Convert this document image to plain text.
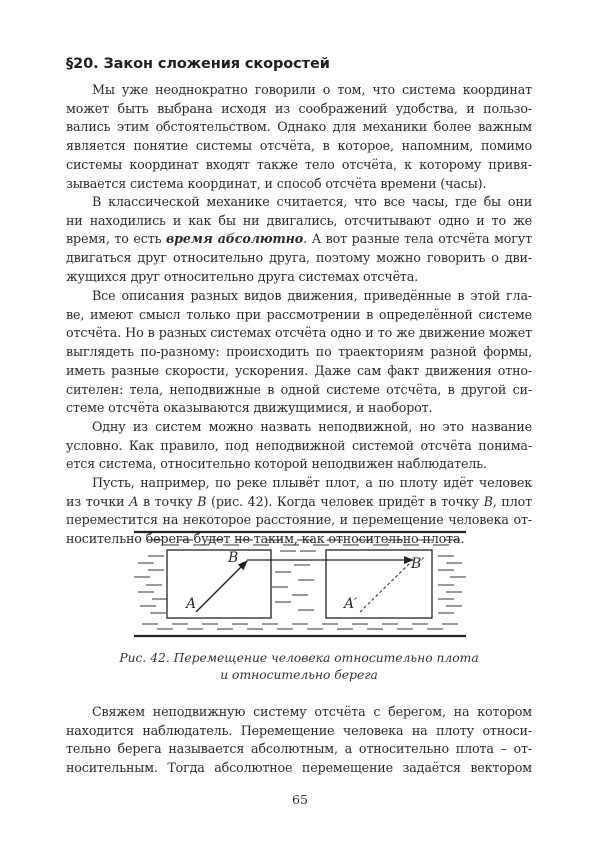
§20. Закон сложения скоростей
Мы уже неоднократно говорили о том, что система координат
может быть выбрана исходя из соображений удобства, и пользо-
вались этим обстоятельством. Однако для механики более важным
является понятие системы отсчёта, в которое, напомним, помимо
системы координат входят также тело отсчёта, к которому привя-
зывается система координат, и способ отсчёта времени (часы).
В классической механике считается, что все часы, где бы они
ни находились и как бы ни двигались, отсчитывают одно и то же
время, то есть время абсолютно. А вот разные тела отсчёта могут
двигаться друг относительно друга, поэтому можно говорить о дви-
жущихся друг относительно друга системах отсчёта.
Все описания разных видов движения, приведённые в этой гла-
ве, имеют смысл только при рассмотрении в определённой системе
отсчёта. Но в разных системах отсчёта одно и то же движение может
выглядеть по-разному: происходить по траекториям разной формы,
иметь разные скорости, ускорения. Даже сам факт движения отно-
сителен: тела, неподвижные в одной системе отсчёта, в другой си-
стеме отсчёта оказываются движущимися, и наоборот.
Одну из систем можно назвать неподвижной, но это название
условно. Как правило, под неподвижной системой отсчёта понима-
ется система, относительно которой неподвижен наблюдатель.
Пусть, например, по реке плывёт плот, а по плоту идёт человек
из точки A в точку B (рис. 42). Когда человек придёт в точку B, плот
переместится на некоторое расстояние, и перемещение человека от-
носительно берега будет не таким, как относительно плота.
A
B
A′
B′
Рис. 42. Перемещение человека относительно плота
и относительно берега
Свяжем неподвижную систему отсчёта с берегом, на котором
находится наблюдатель. Перемещение человека на плоту относи-
тельно берега называется абсолютным, а относительно плота – от-
носительным. Тогда абсолютное перемещение задаётся вектором
65
